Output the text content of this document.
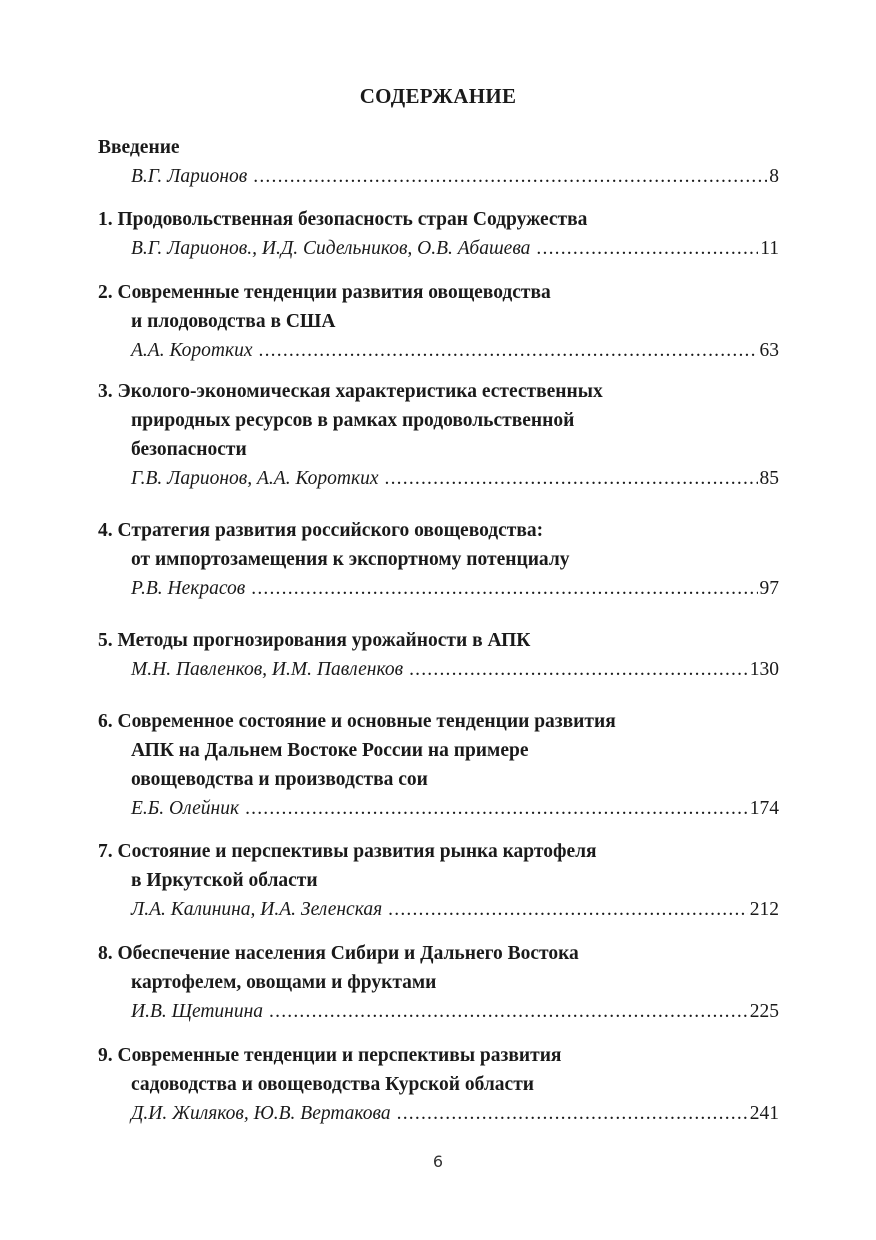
СОДЕРЖАНИЕ
Введение
В.Г. Ларионов .....	8
1. Продовольственная безопасность стран Содружества
В.Г. Ларионов., И.Д. Сидельников, О.В. Абашева .....	11
2. Современные тенденции развития овощеводства
и плодоводства в США
А.А. Коротких .....	63
3. Эколого-экономическая характеристика естественных
природных ресурсов в рамках продовольственной
безопасности
Г.В. Ларионов, А.А. Коротких .....	85
4. Стратегия развития российского овощеводства:
от импортозамещения к экспортному потенциалу
Р.В. Некрасов .....	97
5. Методы прогнозирования урожайности в АПК
М.Н. Павленков, И.М. Павленков .....	130
6. Современное состояние и основные тенденции развития
АПК на Дальнем Востоке России на примере
овощеводства и производства сои
Е.Б. Олейник .....	174
7. Состояние и перспективы развития рынка картофеля
в Иркутской области
Л.А. Калинина, И.А. Зеленская .....	212
8. Обеспечение населения Сибири и Дальнего Востока
картофелем, овощами и фруктами
И.В. Щетинина .....	225
9. Современные тенденции и перспективы развития
садоводства и овощеводства Курской области
Д.И. Жиляков, Ю.В. Вертакова .....	241
6
